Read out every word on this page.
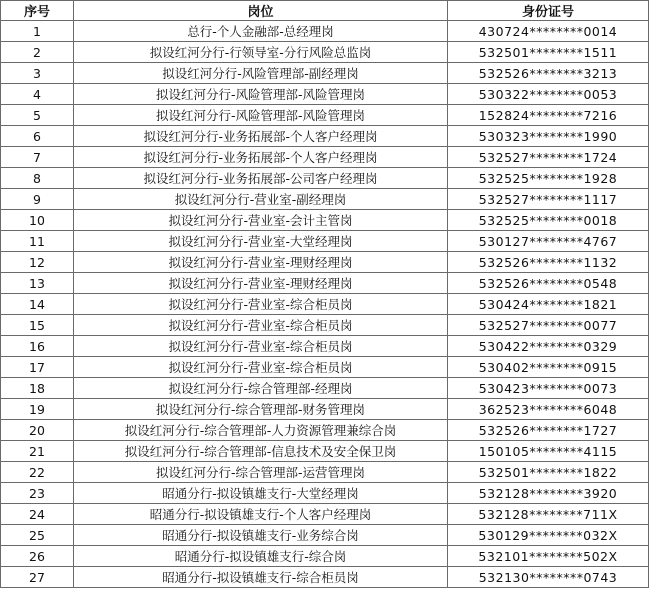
序号	岗位	身份证号
1	总行-个人金融部-总经理岗	430724********0014
2	拟设红河分行-行领导室-分行风险总监岗	532501********1511
3	拟设红河分行-风险管理部-副经理岗	532526********3213
4	拟设红河分行-风险管理部-风险管理岗	530322********0053
5	拟设红河分行-风险管理部-风险管理岗	152824********7216
6	拟设红河分行-业务拓展部-个人客户经理岗	530323********1990
7	拟设红河分行-业务拓展部-个人客户经理岗	532527********1724
8	拟设红河分行-业务拓展部-公司客户经理岗	532525********1928
9	拟设红河分行-营业室-副经理岗	532527********1117
10	拟设红河分行-营业室-会计主管岗	532525********0018
11	拟设红河分行-营业室-大堂经理岗	530127********4767
12	拟设红河分行-营业室-理财经理岗	532526********1132
13	拟设红河分行-营业室-理财经理岗	532526********0548
14	拟设红河分行-营业室-综合柜员岗	530424********1821
15	拟设红河分行-营业室-综合柜员岗	532527********0077
16	拟设红河分行-营业室-综合柜员岗	530422********0329
17	拟设红河分行-营业室-综合柜员岗	530402********0915
18	拟设红河分行-综合管理部-经理岗	530423********0073
19	拟设红河分行-综合管理部-财务管理岗	362523********6048
20	拟设红河分行-综合管理部-人力资源管理兼综合岗	532526********1727
21	拟设红河分行-综合管理部-信息技术及安全保卫岗	150105********4115
22	拟设红河分行-综合管理部-运营管理岗	532501********1822
23	昭通分行-拟设镇雄支行-大堂经理岗	532128********3920
24	昭通分行-拟设镇雄支行-个人客户经理岗	532128********711X
25	昭通分行-拟设镇雄支行-业务综合岗	530129********032X
26	昭通分行-拟设镇雄支行-综合岗	532101********502X
27	昭通分行-拟设镇雄支行-综合柜员岗	532130********0743
